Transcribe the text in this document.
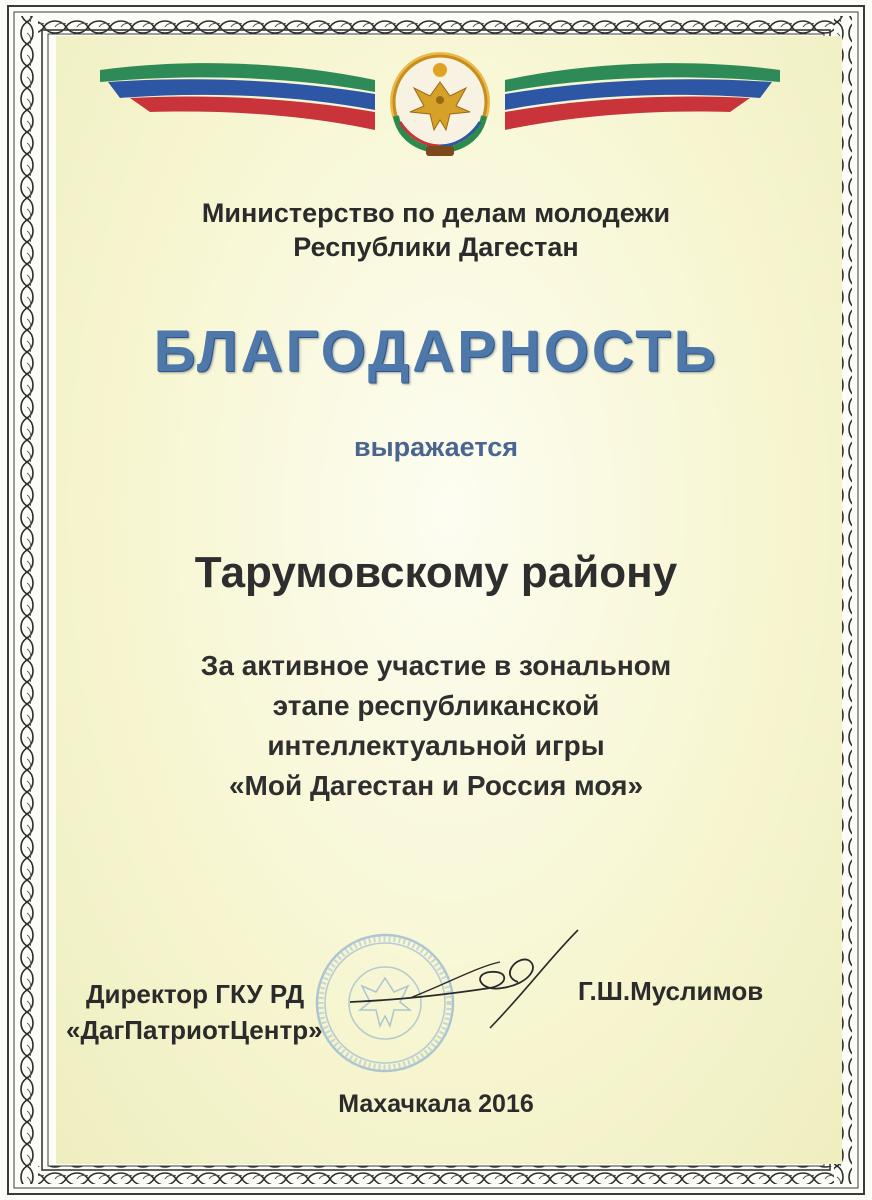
Министерство по делам молодежи
Республики Дагестан
БЛАГОДАРНОСТЬ
выражается
Тарумовскому району
За активное участие в зональном
этапе республиканской
интеллектуальной игры
«Мой Дагестан и Россия моя»
Директор ГКУ РД
«ДагПатриотЦентр»
Г.Ш.Муслимов
Махачкала 2016
